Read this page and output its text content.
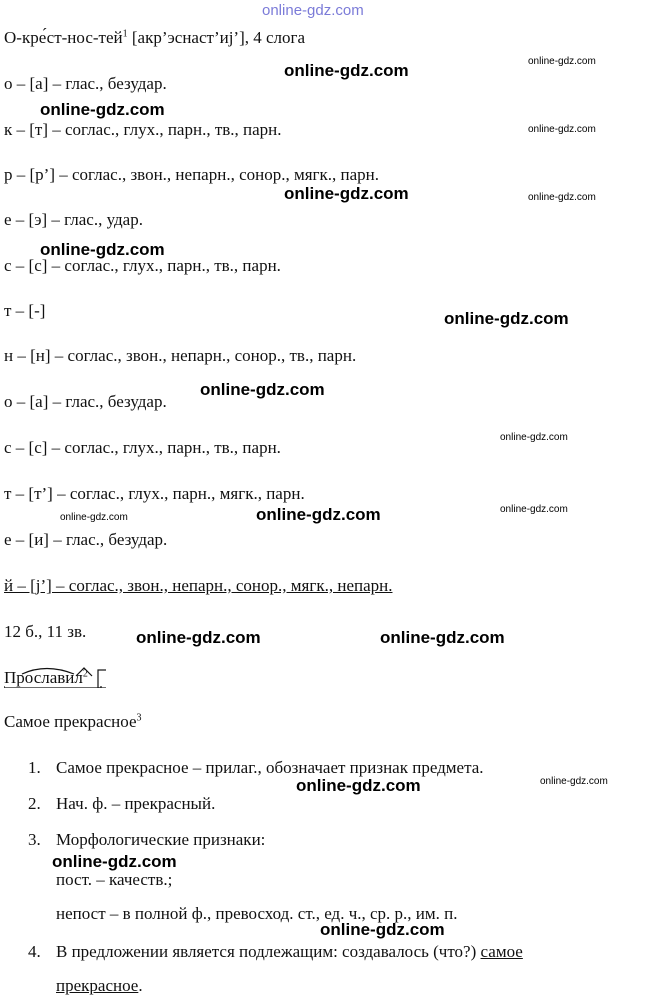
online-gdz.com
О-кре́ст-нос-тей$^1$ [акр’эснаст’иj’], 4 слога
о – [а] – глас., безудар.
к – [т] – соглас., глух., парн., тв., парн.
р – [р’] – соглас., звон., непарн., сонор., мягк., парн.
е – [э] – глас., удар.
с – [с] – соглас., глух., парн., тв., парн.
т – [-]
н – [н] – соглас., звон., непарн., сонор., тв., парн.
о – [а] – глас., безудар.
с – [с] – соглас., глух., парн., тв., парн.
т – [т’] – соглас., глух., парн., мягк., парн.
е – [и] – глас., безудар.
й – [j’] – соглас., звон., непарн., сонор., мягк., непарн.
12 б., 11 зв.
Прославил$^2$
Самое прекрасное$^3$
1. Самое прекрасное – прилаг., обозначает признак предмета.
2. Нач. ф. – прекрасный.
3. Морфологические признаки:
пост. – качеств.;
непост – в полной ф., превосход. ст., ед. ч., ср. р., им. п.
4. В предложении является подлежащим: создавалось (что?) самое
прекрасное.
online-gdz.com
online-gdz.com
online-gdz.com
online-gdz.com
online-gdz.com
online-gdz.com
online-gdz.com
online-gdz.com	online-gdz.com
online-gdz.com
online-gdz.com
online-gdz.com
online-gdz.com
online-gdz.com
online-gdz.com
online-gdz.com
online-gdz.com
online-gdz.com
online-gdz.com
